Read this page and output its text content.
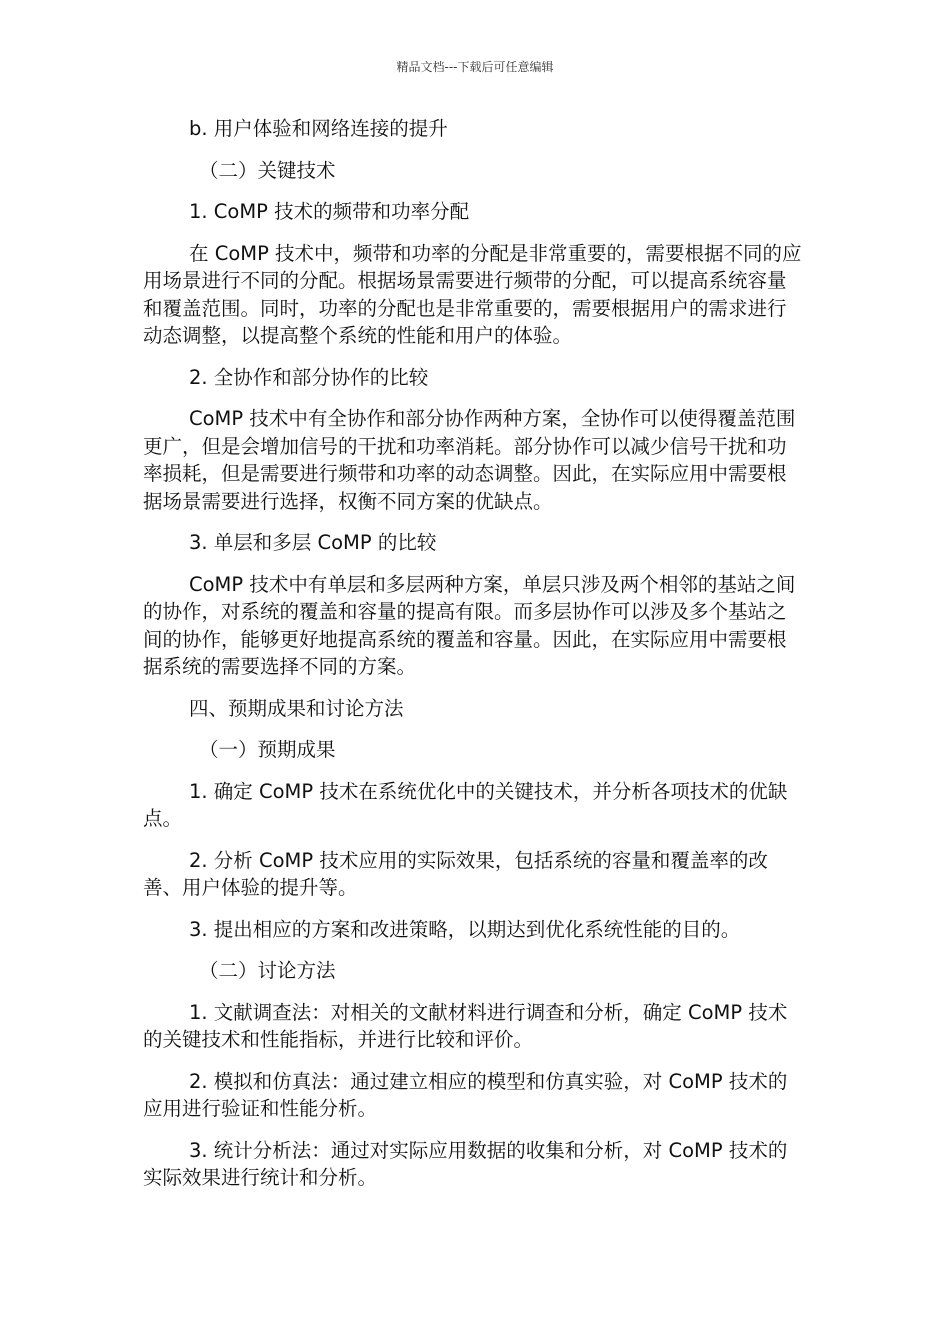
精品文档---下载后可任意编辑

b. 用户体验和网络连接的提升

（二）关键技术

1. CoMP 技术的频带和功率分配

在 CoMP 技术中，频带和功率的分配是非常重要的，需要根据不同的应用场景进行不同的分配。根据场景需要进行频带的分配，可以提高系统容量和覆盖范围。同时，功率的分配也是非常重要的，需要根据用户的需求进行动态调整，以提高整个系统的性能和用户的体验。

2. 全协作和部分协作的比较

CoMP 技术中有全协作和部分协作两种方案，全协作可以使得覆盖范围更广，但是会增加信号的干扰和功率消耗。部分协作可以减少信号干扰和功率损耗，但是需要进行频带和功率的动态调整。因此，在实际应用中需要根据场景需要进行选择，权衡不同方案的优缺点。

3. 单层和多层 CoMP 的比较

CoMP 技术中有单层和多层两种方案，单层只涉及两个相邻的基站之间的协作，对系统的覆盖和容量的提高有限。而多层协作可以涉及多个基站之间的协作，能够更好地提高系统的覆盖和容量。因此，在实际应用中需要根据系统的需要选择不同的方案。

四、预期成果和讨论方法

（一）预期成果

1. 确定 CoMP 技术在系统优化中的关键技术，并分析各项技术的优缺点。

2. 分析 CoMP 技术应用的实际效果，包括系统的容量和覆盖率的改善、用户体验的提升等。

3. 提出相应的方案和改进策略，以期达到优化系统性能的目的。

（二）讨论方法

1. 文献调查法：对相关的文献材料进行调查和分析，确定 CoMP 技术的关键技术和性能指标，并进行比较和评价。

2. 模拟和仿真法：通过建立相应的模型和仿真实验，对 CoMP 技术的应用进行验证和性能分析。

3. 统计分析法：通过对实际应用数据的收集和分析，对 CoMP 技术的实际效果进行统计和分析。
